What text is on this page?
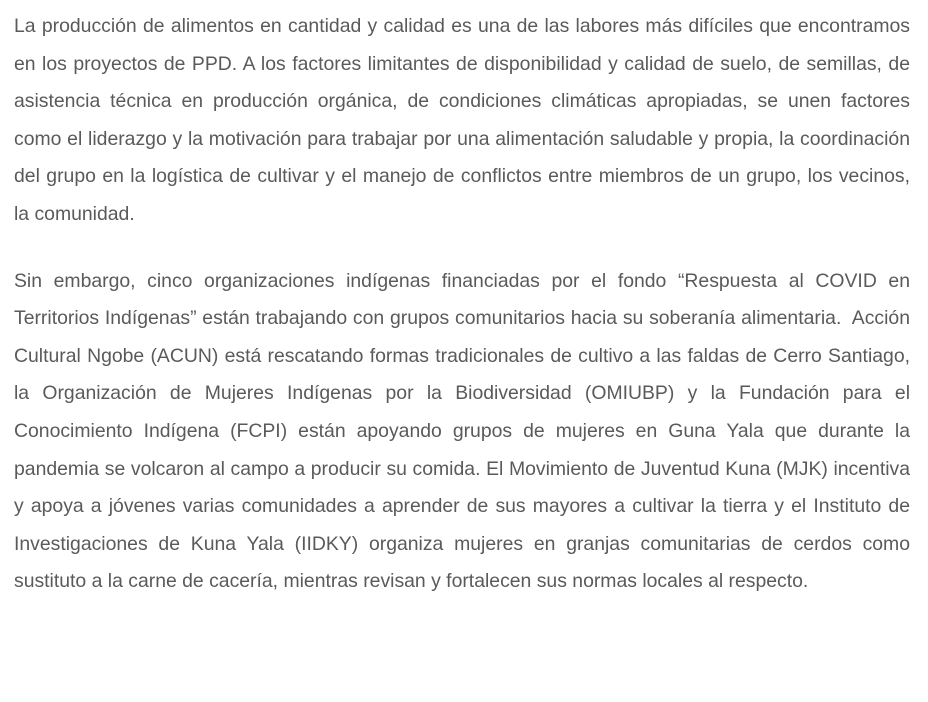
La producción de alimentos en cantidad y calidad es una de las labores más difíciles que encontramos en los proyectos de PPD. A los factores limitantes de disponibilidad y calidad de suelo, de semillas, de asistencia técnica en producción orgánica, de condiciones climáticas apropiadas, se unen factores como el liderazgo y la motivación para trabajar por una alimentación saludable y propia, la coordinación del grupo en la logística de cultivar y el manejo de conflictos entre miembros de un grupo, los vecinos, la comunidad.

Sin embargo, cinco organizaciones indígenas financiadas por el fondo “Respuesta al COVID en Territorios Indígenas” están trabajando con grupos comunitarios hacia su soberanía alimentaria.  Acción Cultural Ngobe (ACUN) está rescatando formas tradicionales de cultivo a las faldas de Cerro Santiago, la Organización de Mujeres Indígenas por la Biodiversidad (OMIUBP) y la Fundación para el Conocimiento Indígena (FCPI) están apoyando grupos de mujeres en Guna Yala que durante la pandemia se volcaron al campo a producir su comida. El Movimiento de Juventud Kuna (MJK) incentiva y apoya a jóvenes varias comunidades a aprender de sus mayores a cultivar la tierra y el Instituto de Investigaciones de Kuna Yala (IIDKY) organiza mujeres en granjas comunitarias de cerdos como sustituto a la carne de cacería, mientras revisan y fortalecen sus normas locales al respecto.
